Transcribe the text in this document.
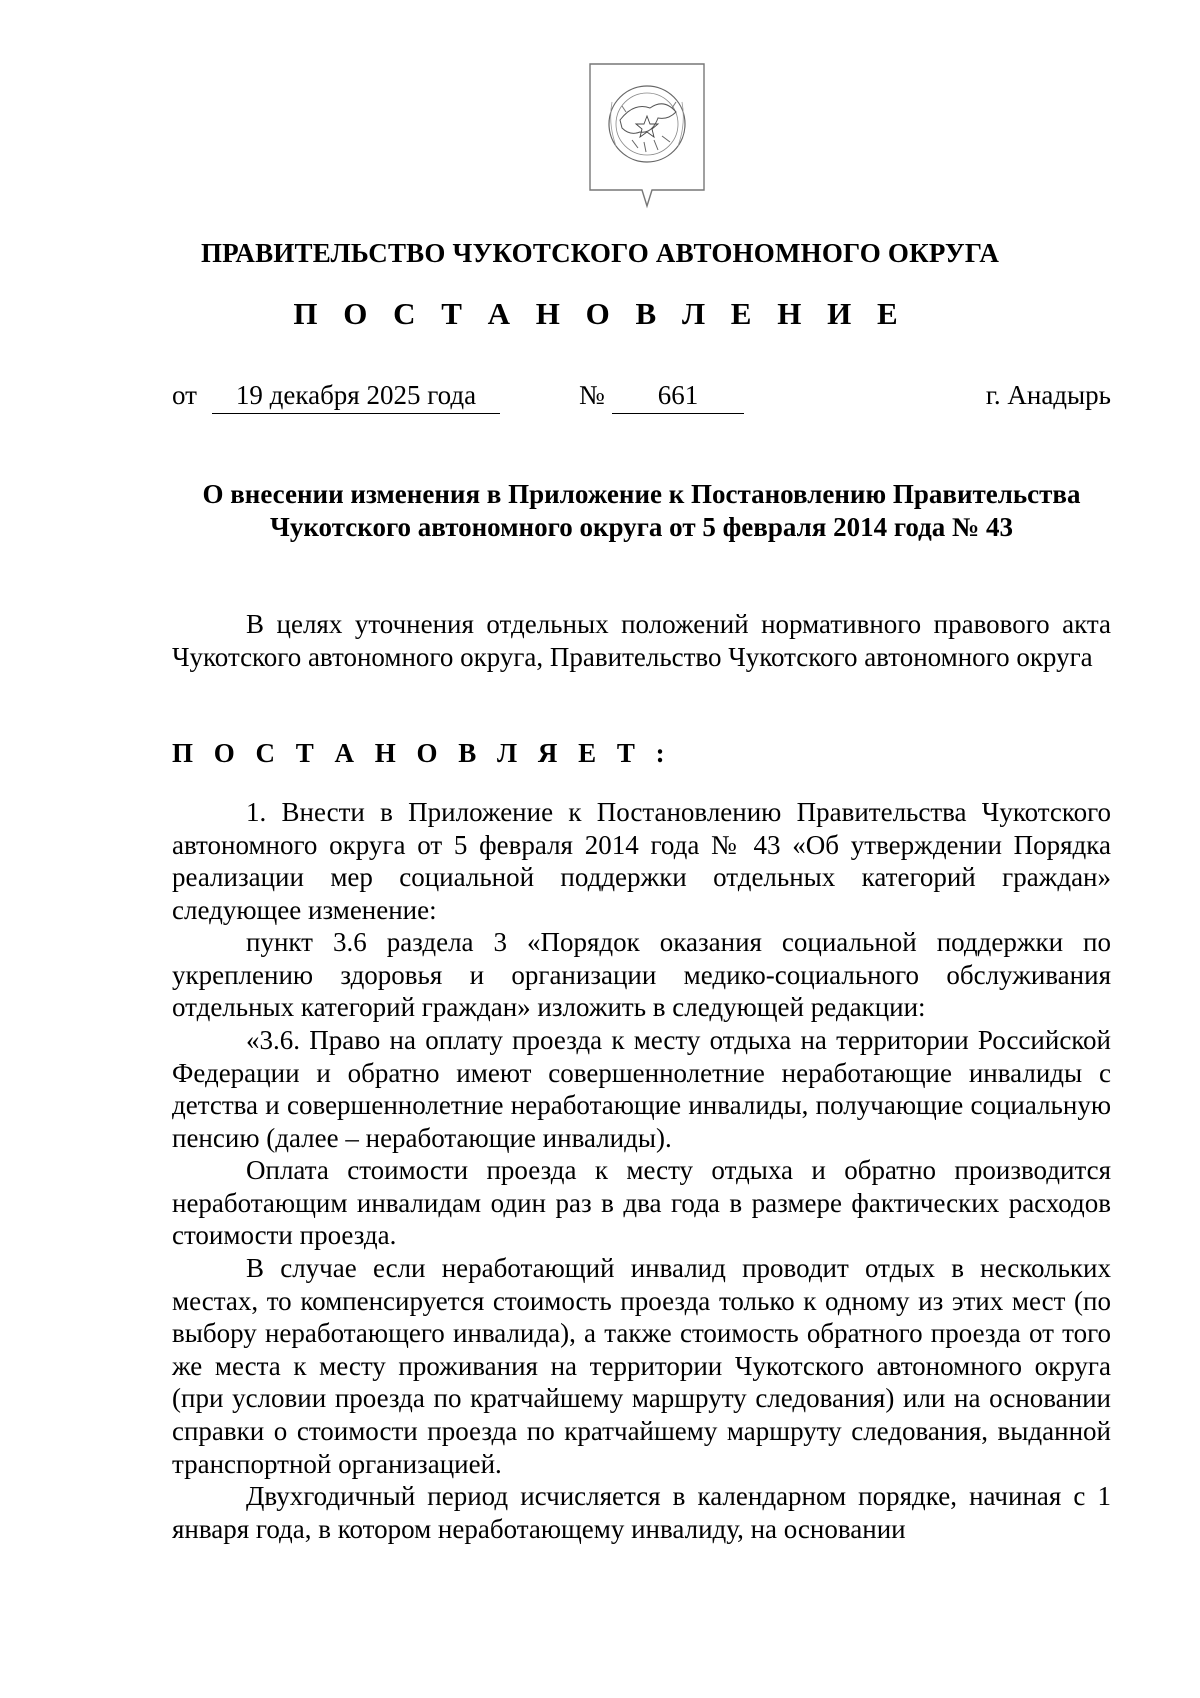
ПРАВИТЕЛЬСТВО ЧУКОТСКОГО АВТОНОМНОГО ОКРУГА
П О С Т А Н О В Л Е Н И Е
от	19 декабря 2025 года	№	661	г. Анадырь
О внесении изменения в Приложение к Постановлению Правительства Чукотского автономного округа от 5 февраля 2014 года № 43

В целях уточнения отдельных положений нормативного правового акта Чукотского автономного округа, Правительство Чукотского автономного округа

П О С Т А Н О В Л Я Е Т :

1. Внести в Приложение к Постановлению Правительства Чукотского автономного округа от 5 февраля 2014 года № 43 «Об утверждении Порядка реализации мер социальной поддержки отдельных категорий граждан» следующее изменение:

пункт 3.6 раздела 3 «Порядок оказания социальной поддержки по укреплению здоровья и организации медико-социального обслуживания отдельных категорий граждан» изложить в следующей редакции:

«3.6. Право на оплату проезда к месту отдыха на территории Российской Федерации и обратно имеют совершеннолетние неработающие инвалиды с детства и совершеннолетние неработающие инвалиды, получающие социальную пенсию (далее – неработающие инвалиды).

Оплата стоимости проезда к месту отдыха и обратно производится неработающим инвалидам один раз в два года в размере фактических расходов стоимости проезда.

В случае если неработающий инвалид проводит отдых в нескольких местах, то компенсируется стоимость проезда только к одному из этих мест (по выбору неработающего инвалида), а также стоимость обратного проезда от того же места к месту проживания на территории Чукотского автономного округа (при условии проезда по кратчайшему маршруту следования) или на основании справки о стоимости проезда по кратчайшему маршруту следования, выданной транспортной организацией.

Двухгодичный период исчисляется в календарном порядке, начиная с 1 января года, в котором неработающему инвалиду, на основании
